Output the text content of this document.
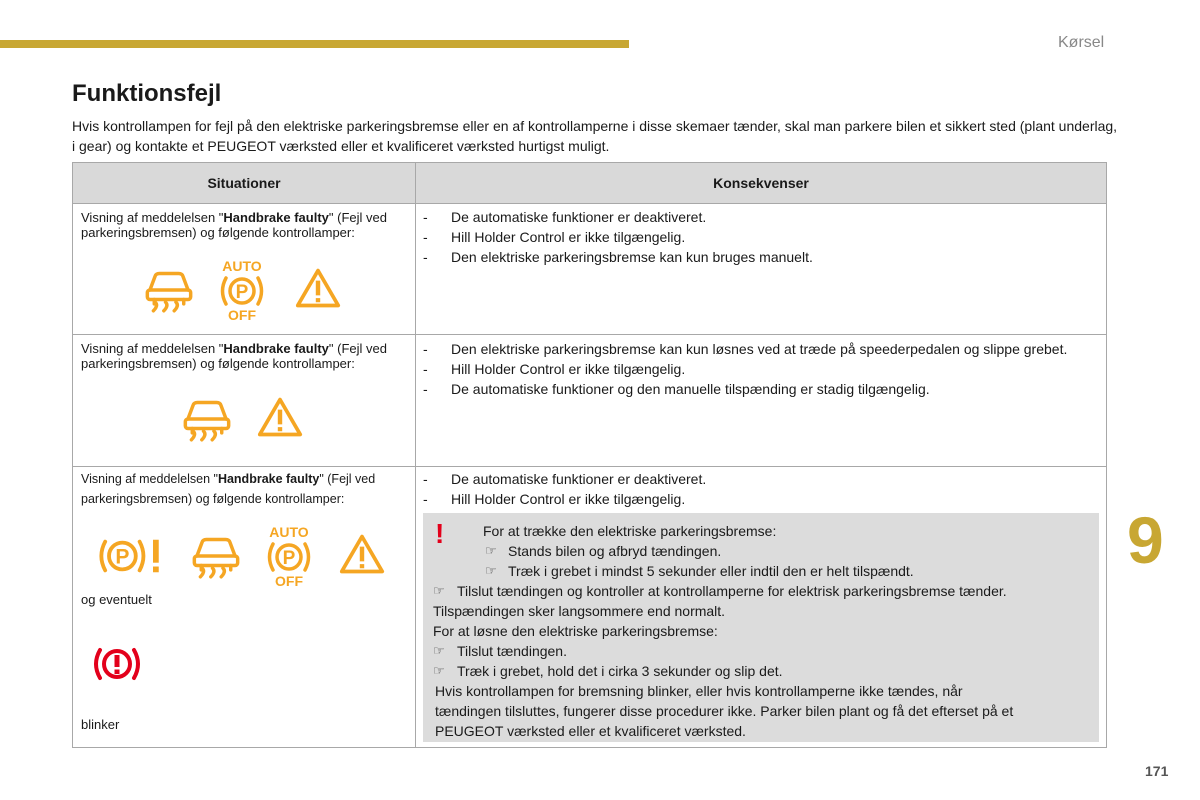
Kørsel
9
171
Funktionsfejl

Hvis kontrollampen for fejl på den elektriske parkeringsbremse eller en af kontrollamperne i disse skemaer tænder, skal man parkere bilen et sikkert sted (plant underlag, i gear) og kontakte et PEUGEOT værksted eller et kvalificeret værksted hurtigst muligt.

Situationer	Konsekvenser
Visning af meddelelsen "Handbrake faulty" (Fejl ved parkeringsbremsen) og følgende kontrollamper:
AUTO
P
OFF
- De automatiske funktioner er deaktiveret.
- Hill Holder Control er ikke tilgængelig.
- Den elektriske parkeringsbremse kan kun bruges manuelt.
Visning af meddelelsen "Handbrake faulty" (Fejl ved parkeringsbremsen) og følgende kontrollamper:
- Den elektriske parkeringsbremse kan kun løsnes ved at træde på speederpedalen og slippe grebet.
- Hill Holder Control er ikke tilgængelig.
- De automatiske funktioner og den manuelle tilspænding er stadig tilgængelig.
Visning af meddelelsen "Handbrake faulty" (Fejl ved parkeringsbremsen) og følgende kontrollamper:
AUTO
P
OFF
og eventuelt
blinker
- De automatiske funktioner er deaktiveret.
- Hill Holder Control er ikke tilgængelig.
!	For at trække den elektriske parkeringsbremse:
☞ Stands bilen og afbryd tændingen.
☞ Træk i grebet i mindst 5 sekunder eller indtil den er helt tilspændt.
☞ Tilslut tændingen og kontroller at kontrollamperne for elektrisk parkeringsbremse tænder.
Tilspændingen sker langsommere end normalt.
For at løsne den elektriske parkeringsbremse:
☞ Tilslut tændingen.
☞ Træk i grebet, hold det i cirka 3 sekunder og slip det.
Hvis kontrollampen for bremsning blinker, eller hvis kontrollamperne ikke tændes, når
tændingen tilsluttes, fungerer disse procedurer ikke. Parker bilen plant og få det efterset på et
PEUGEOT værksted eller et kvalificeret værksted.
